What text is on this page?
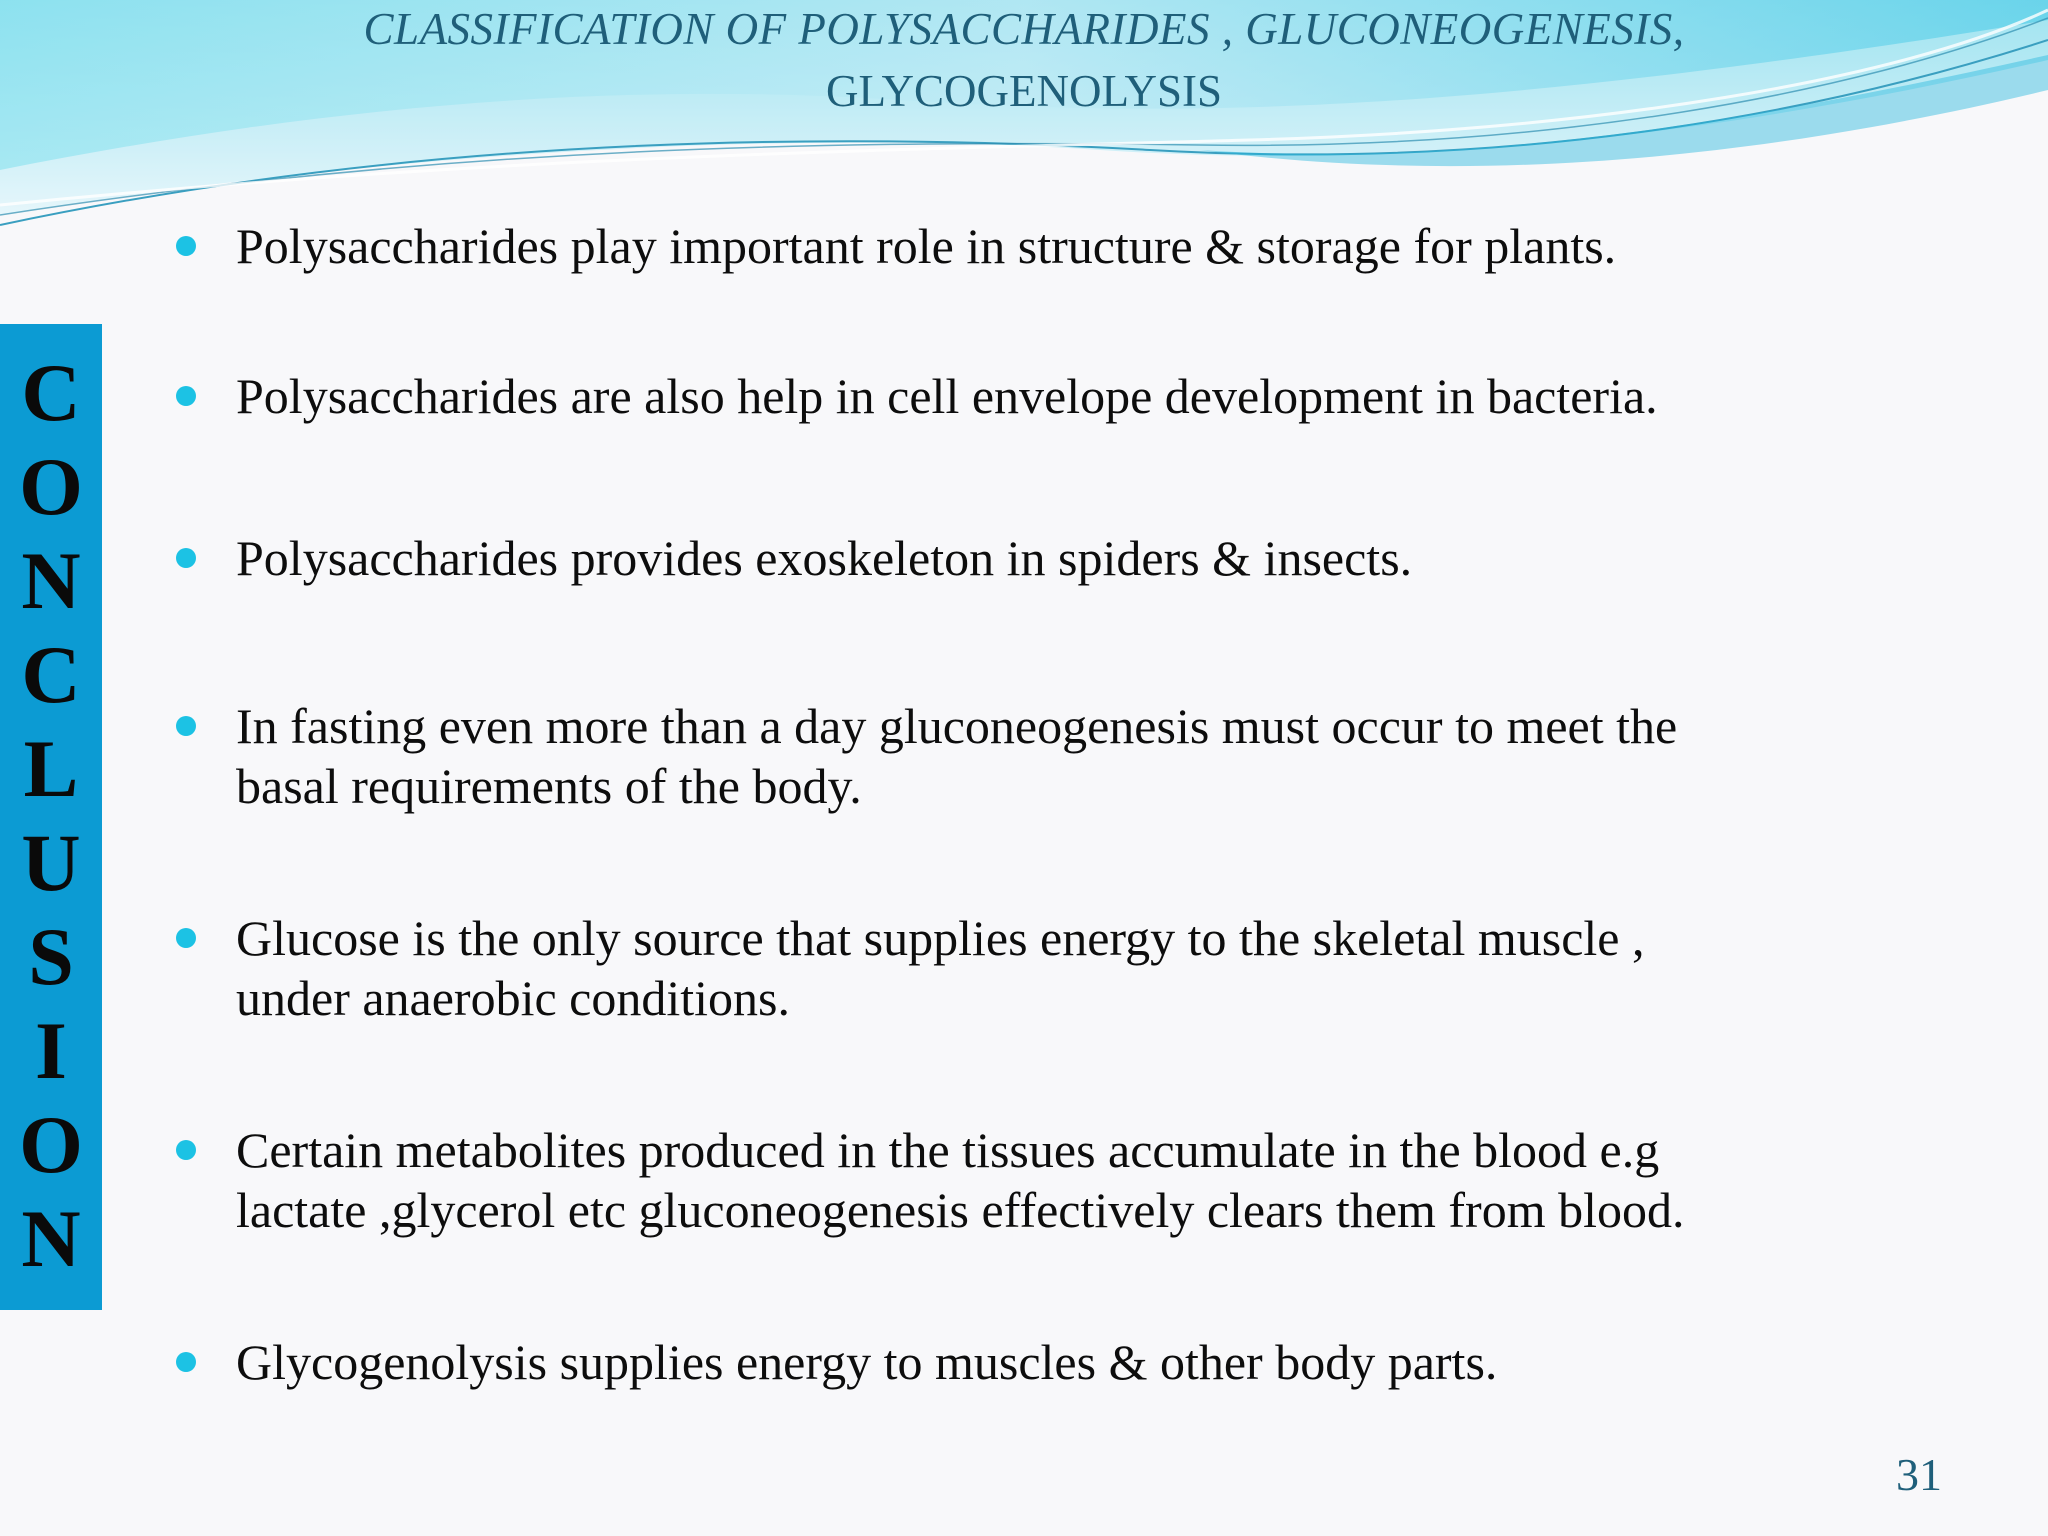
CLASSIFICATION OF POLYSACCHARIDES , GLUCONEOGENESIS,
GLYCOGENOLYSIS
C
O
N
C
L
U
S
I
O
N
Polysaccharides play important role in structure & storage for plants.
Polysaccharides are also help in cell envelope development in bacteria.
Polysaccharides provides exoskeleton in spiders & insects.
In fasting even more than a day gluconeogenesis must occur to meet the
basal requirements of the body.
Glucose is the only source that supplies energy to the skeletal muscle ,
under anaerobic conditions.
Certain metabolites produced in the tissues accumulate in the blood e.g
lactate ,glycerol etc gluconeogenesis effectively clears them from blood.
Glycogenolysis supplies energy to muscles & other body parts.
31
